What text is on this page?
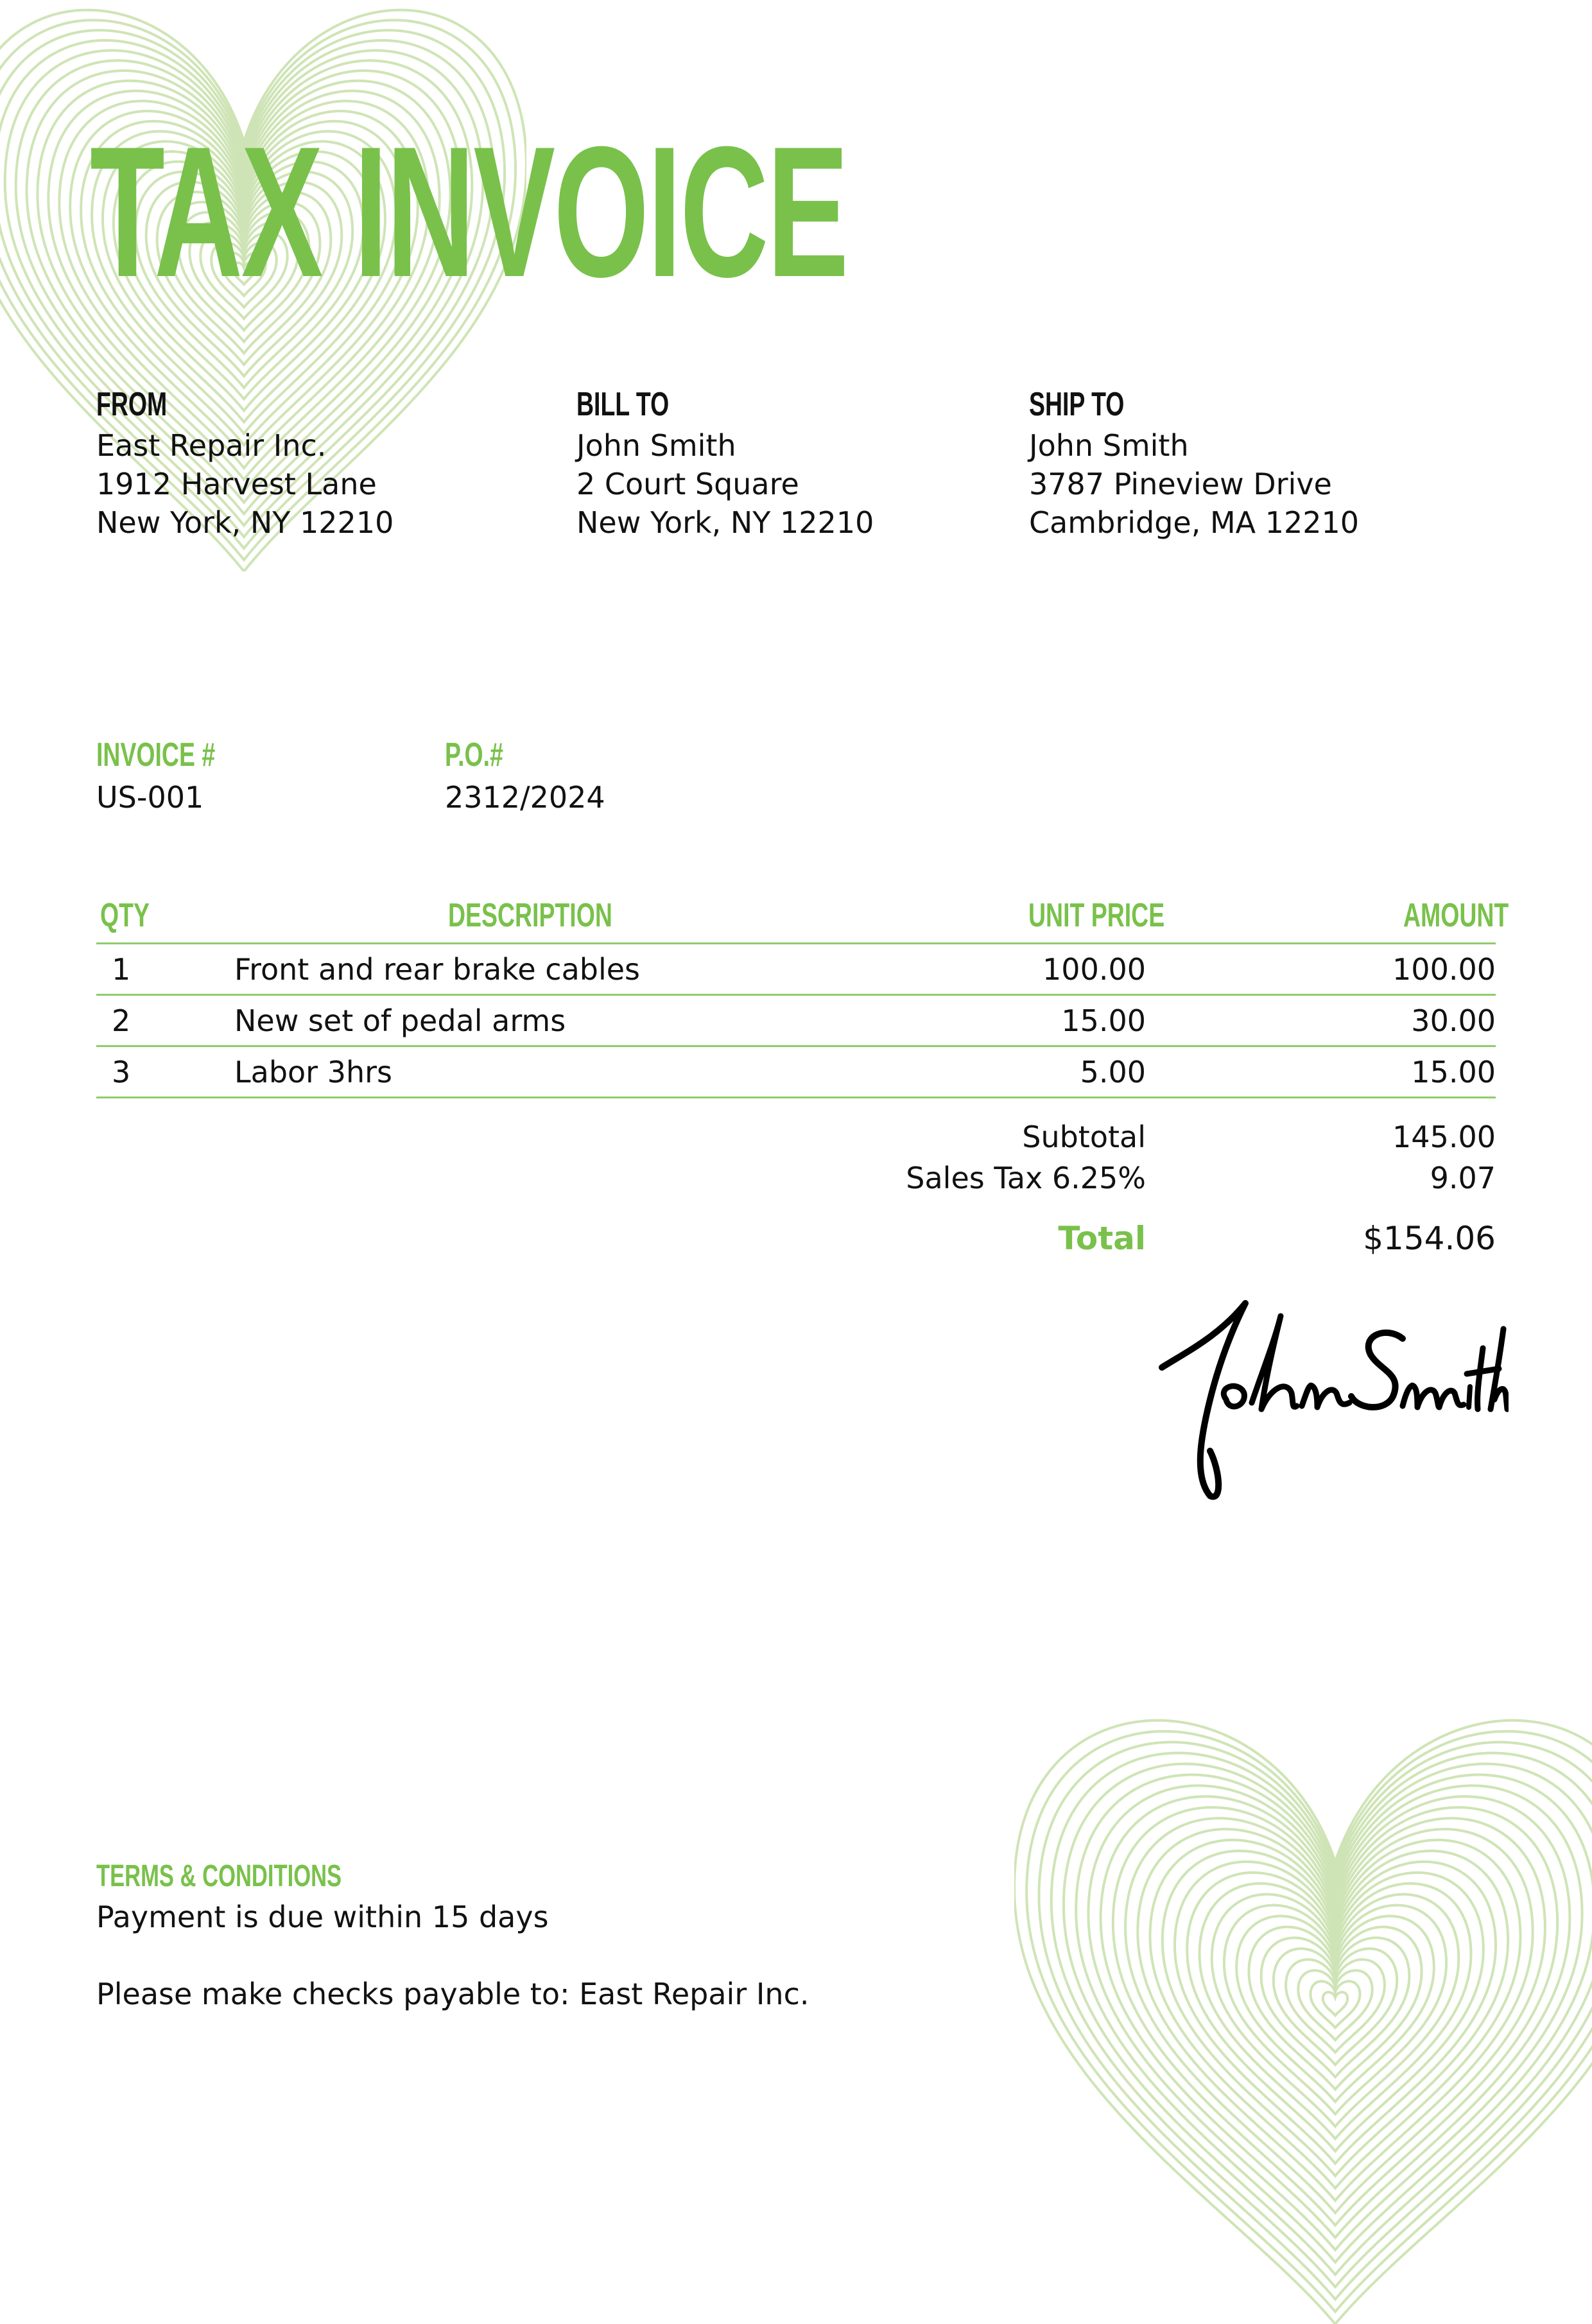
TAX INVOICE
FROM
East Repair Inc.
1912 Harvest Lane
New York, NY 12210
BILL TO
John Smith
2 Court Square
New York, NY 12210
SHIP TO
John Smith
3787 Pineview Drive
Cambridge, MA 12210
INVOICE #
US-001
P.O.#
2312/2024
QTY	DESCRIPTION	UNIT PRICE	AMOUNT
1	Front and rear brake cables	100.00	100.00
2	New set of pedal arms	15.00	30.00
3	Labor 3hrs	5.00	15.00
Subtotal	145.00
Sales Tax 6.25%	9.07
Total	$154.06
TERMS & CONDITIONS
Payment is due within 15 days
Please make checks payable to: East Repair Inc.
